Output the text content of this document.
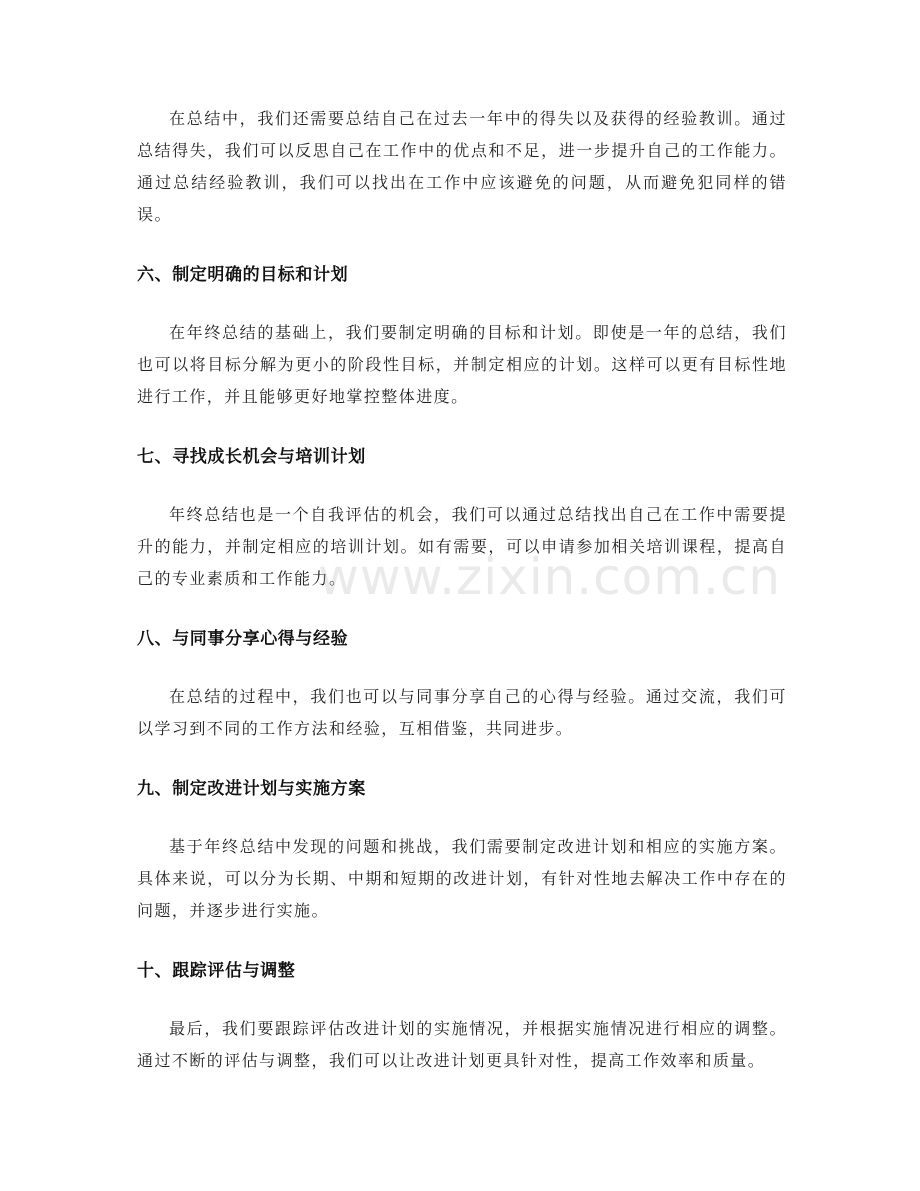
在总结中，我们还需要总结自己在过去一年中的得失以及获得的经验教训。通过总结得失，我们可以反思自己在工作中的优点和不足，进一步提升自己的工作能力。通过总结经验教训，我们可以找出在工作中应该避免的问题，从而避免犯同样的错误。

六、制定明确的目标和计划

在年终总结的基础上，我们要制定明确的目标和计划。即使是一年的总结，我们也可以将目标分解为更小的阶段性目标，并制定相应的计划。这样可以更有目标性地进行工作，并且能够更好地掌控整体进度。

七、寻找成长机会与培训计划

年终总结也是一个自我评估的机会，我们可以通过总结找出自己在工作中需要提升的能力，并制定相应的培训计划。如有需要，可以申请参加相关培训课程，提高自己的专业素质和工作能力。

八、与同事分享心得与经验

在总结的过程中，我们也可以与同事分享自己的心得与经验。通过交流，我们可以学习到不同的工作方法和经验，互相借鉴，共同进步。

九、制定改进计划与实施方案

基于年终总结中发现的问题和挑战，我们需要制定改进计划和相应的实施方案。具体来说，可以分为长期、中期和短期的改进计划，有针对性地去解决工作中存在的问题，并逐步进行实施。

十、跟踪评估与调整

最后，我们要跟踪评估改进计划的实施情况，并根据实施情况进行相应的调整。通过不断的评估与调整，我们可以让改进计划更具针对性，提高工作效率和质量。

www.zixin.com.cn
